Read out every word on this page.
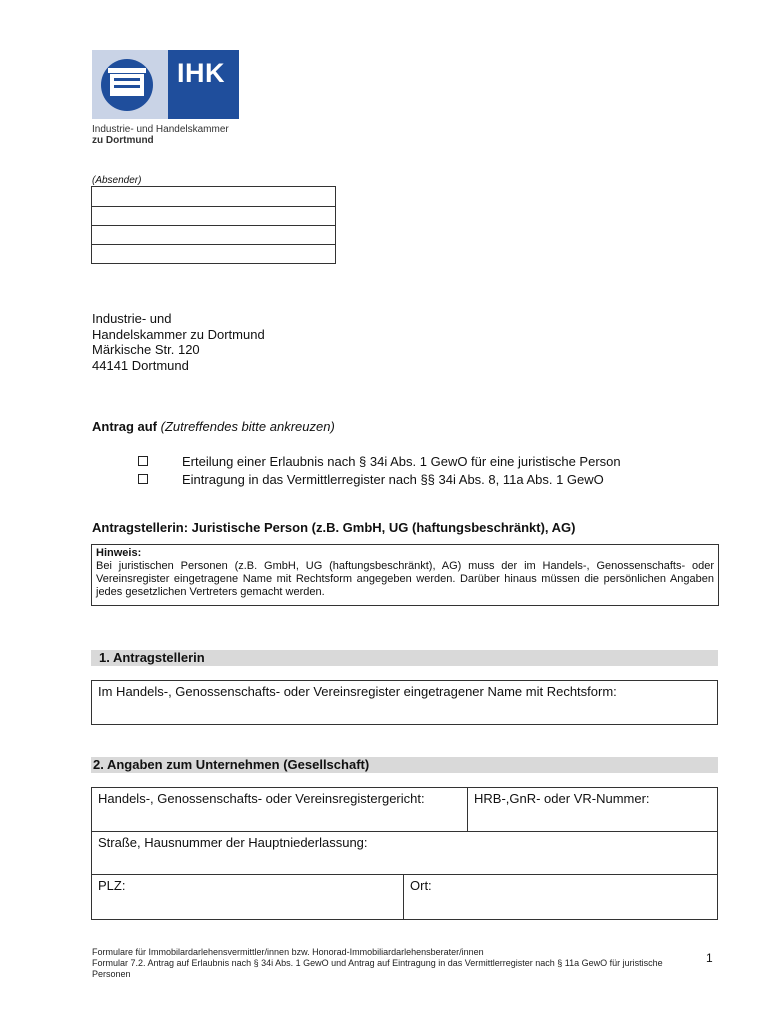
IHK
Industrie- und Handelskammer
zu Dortmund
(Absender)
Industrie- und
Handelskammer zu Dortmund
Märkische Str. 120
44141 Dortmund
Antrag auf (Zutreffendes bitte ankreuzen)
Erteilung einer Erlaubnis nach § 34i Abs. 1 GewO für eine juristische Person
Eintragung in das Vermittlerregister nach §§ 34i Abs. 8, 11a Abs. 1 GewO
Antragstellerin: Juristische Person (z.B. GmbH, UG (haftungsbeschränkt), AG)
Hinweis:
Bei juristischen Personen (z.B. GmbH, UG (haftungsbeschränkt), AG) muss der im Handels-, Genossenschafts- oder Vereinsregister eingetragene Name mit Rechtsform angegeben werden. Darüber hinaus müssen die persönlichen Angaben jedes gesetzlichen Vertreters gemacht werden.
1. Antragstellerin
Im Handels-, Genossenschafts- oder Vereinsregister eingetragener Name mit Rechtsform:
2. Angaben zum Unternehmen (Gesellschaft)
Handels-, Genossenschafts- oder Vereinsregistergericht:	HRB-,GnR- oder VR-Nummer:
Straße, Hausnummer der Hauptniederlassung:
PLZ:	Ort:
Formulare für Immobilardarlehensvermittler/innen bzw. Honorad-Immobiliardarlehensberater/innen
Formular 7.2. Antrag auf Erlaubnis nach § 34i Abs. 1 GewO und Antrag auf Eintragung in das Vermittlerregister nach § 11a GewO für juristische Personen
1
